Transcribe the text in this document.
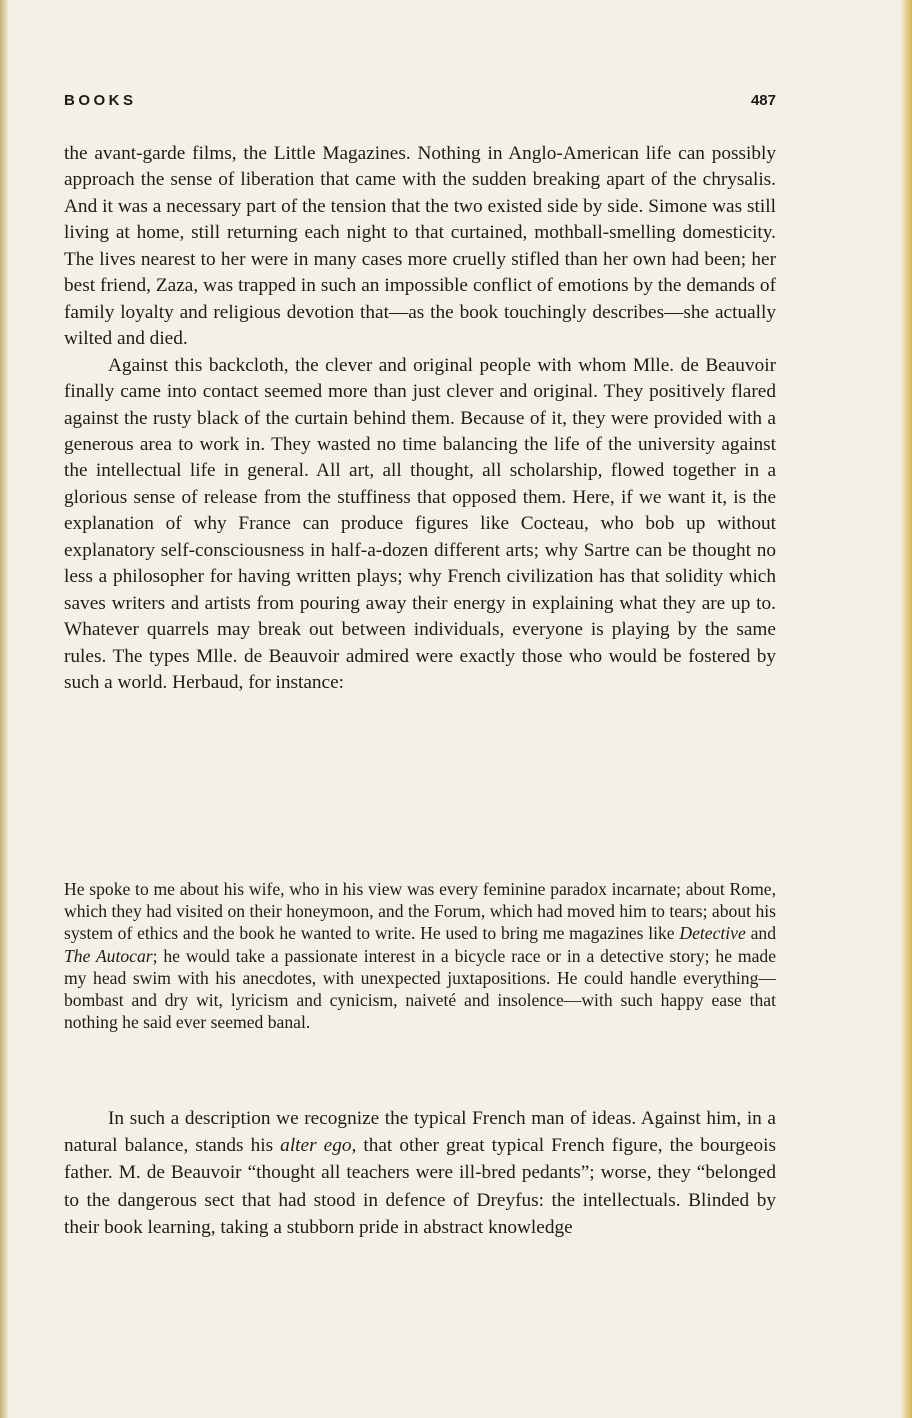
BOOKS	487

the avant-garde films, the Little Magazines. Nothing in Anglo-American life can possibly approach the sense of liberation that came with the sudden breaking apart of the chrysalis. And it was a necessary part of the tension that the two existed side by side. Simone was still living at home, still returning each night to that curtained, mothball-smelling domesticity. The lives nearest to her were in many cases more cruelly stifled than her own had been; her best friend, Zaza, was trapped in such an impossible conflict of emotions by the demands of family loyalty and religious devotion that—as the book touchingly describes—she actually wilted and died.

Against this backcloth, the clever and original people with whom Mlle. de Beauvoir finally came into contact seemed more than just clever and original. They positively flared against the rusty black of the curtain behind them. Because of it, they were provided with a generous area to work in. They wasted no time balancing the life of the university against the intellectual life in general. All art, all thought, all scholarship, flowed together in a glorious sense of release from the stuffiness that opposed them. Here, if we want it, is the explanation of why France can produce figures like Cocteau, who bob up without explanatory self-consciousness in half-a-dozen different arts; why Sartre can be thought no less a philosopher for having written plays; why French civilization has that solidity which saves writers and artists from pouring away their energy in explaining what they are up to. Whatever quarrels may break out between individuals, everyone is playing by the same rules. The types Mlle. de Beauvoir admired were exactly those who would be fostered by such a world. Herbaud, for instance:

He spoke to me about his wife, who in his view was every feminine paradox incarnate; about Rome, which they had visited on their honeymoon, and the Forum, which had moved him to tears; about his system of ethics and the book he wanted to write. He used to bring me magazines like Detective and The Autocar; he would take a passionate interest in a bicycle race or in a detective story; he made my head swim with his anecdotes, with unexpected juxtapositions. He could handle everything—bombast and dry wit, lyricism and cynicism, naiveté and insolence—with such happy ease that nothing he said ever seemed banal.

In such a description we recognize the typical French man of ideas. Against him, in a natural balance, stands his alter ego, that other great typical French figure, the bourgeois father. M. de Beauvoir “thought all teachers were ill-bred pedants”; worse, they “belonged to the dangerous sect that had stood in defence of Dreyfus: the intellectuals. Blinded by their book learning, taking a stubborn pride in abstract knowledge
